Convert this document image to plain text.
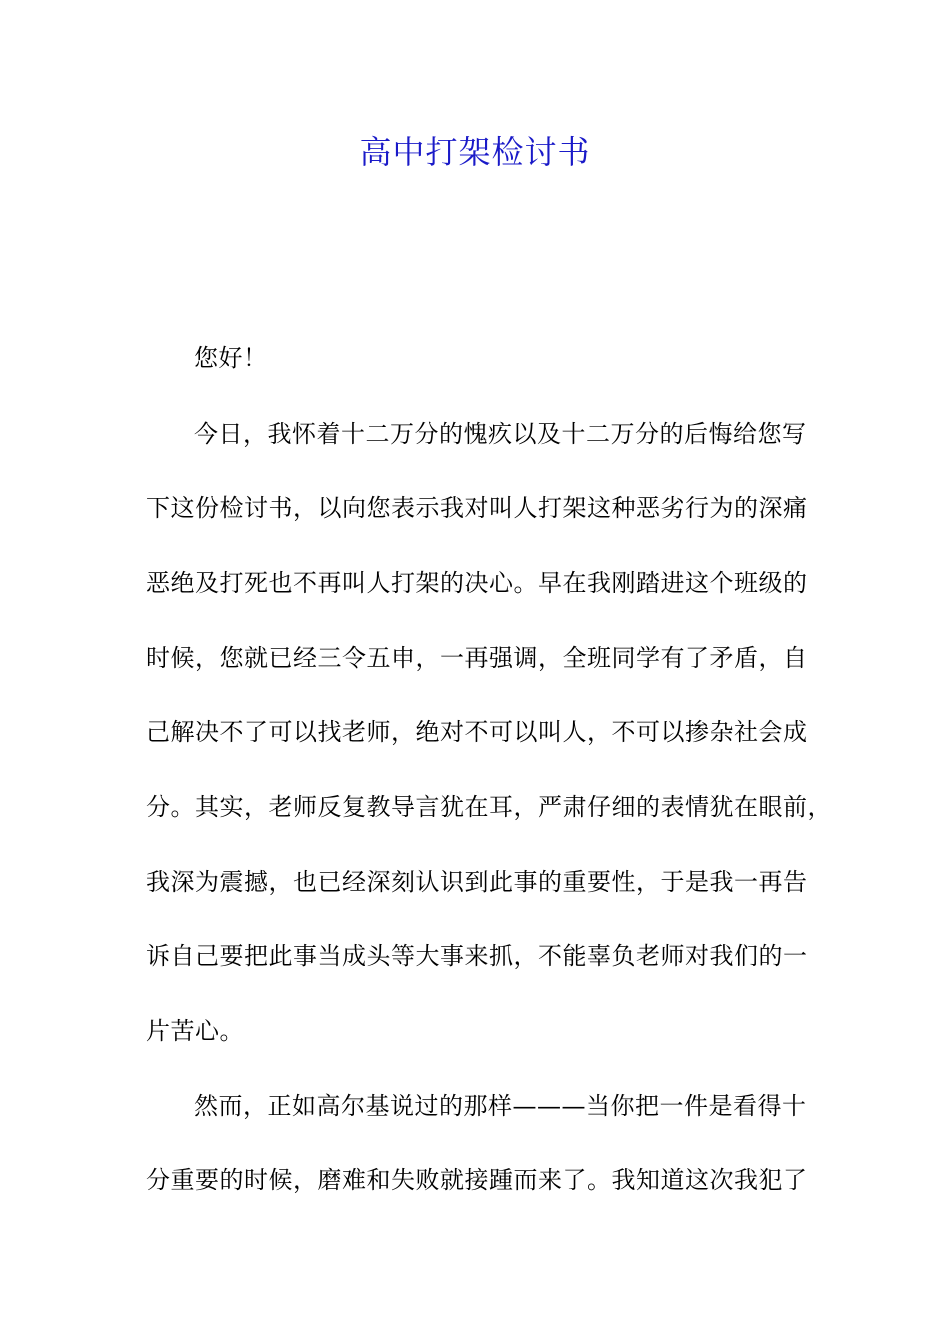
高中打架检讨书
您好！
今日，我怀着十二万分的愧疚以及十二万分的后悔给您写
下这份检讨书，以向您表示我对叫人打架这种恶劣行为的深痛
恶绝及打死也不再叫人打架的决心。早在我刚踏进这个班级的
时候，您就已经三令五申，一再强调，全班同学有了矛盾，自
己解决不了可以找老师，绝对不可以叫人，不可以掺杂社会成
分。其实，老师反复教导言犹在耳，严肃仔细的表情犹在眼前，
我深为震撼，也已经深刻认识到此事的重要性，于是我一再告
诉自己要把此事当成头等大事来抓，不能辜负老师对我们的一
片苦心。
然而，正如高尔基说过的那样———当你把一件是看得十
分重要的时候，磨难和失败就接踵而来了。我知道这次我犯了
